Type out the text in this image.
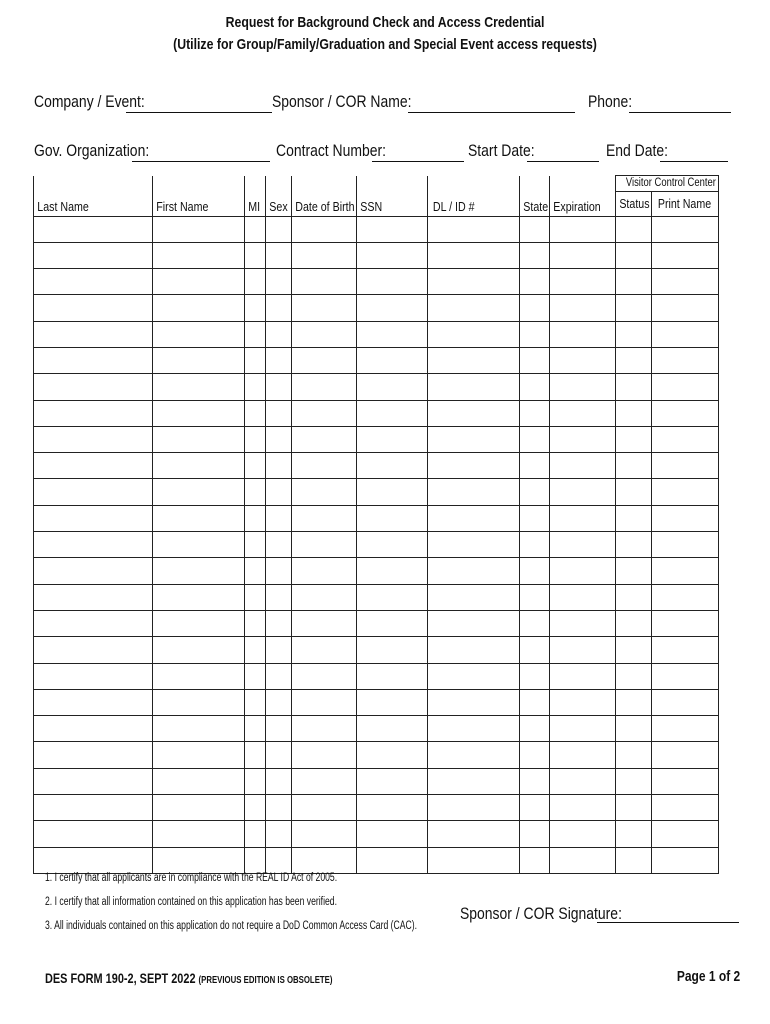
Request for Background Check and Access Credential
(Utilize for Group/Family/Graduation and Special Event access requests)
Company / Event:	Sponsor / COR Name:	Phone:
Gov. Organization:	Contract Number:	Start Date:	End Date:
Last Name	First Name	MI	Sex	Date of Birth	SSN	DL / ID #	State	Expiration	Visitor Control Center	
									Status	Print Name

1. I certify that all applicants are in compliance with the REAL ID Act of 2005.
2. I certify that all information contained on this application has been verified.
3. All individuals contained on this application do not require a DoD Common Access Card (CAC).
Sponsor / COR Signature:
DES FORM 190-2, SEPT 2022 (PREVIOUS EDITION IS OBSOLETE)	Page 1 of 2
